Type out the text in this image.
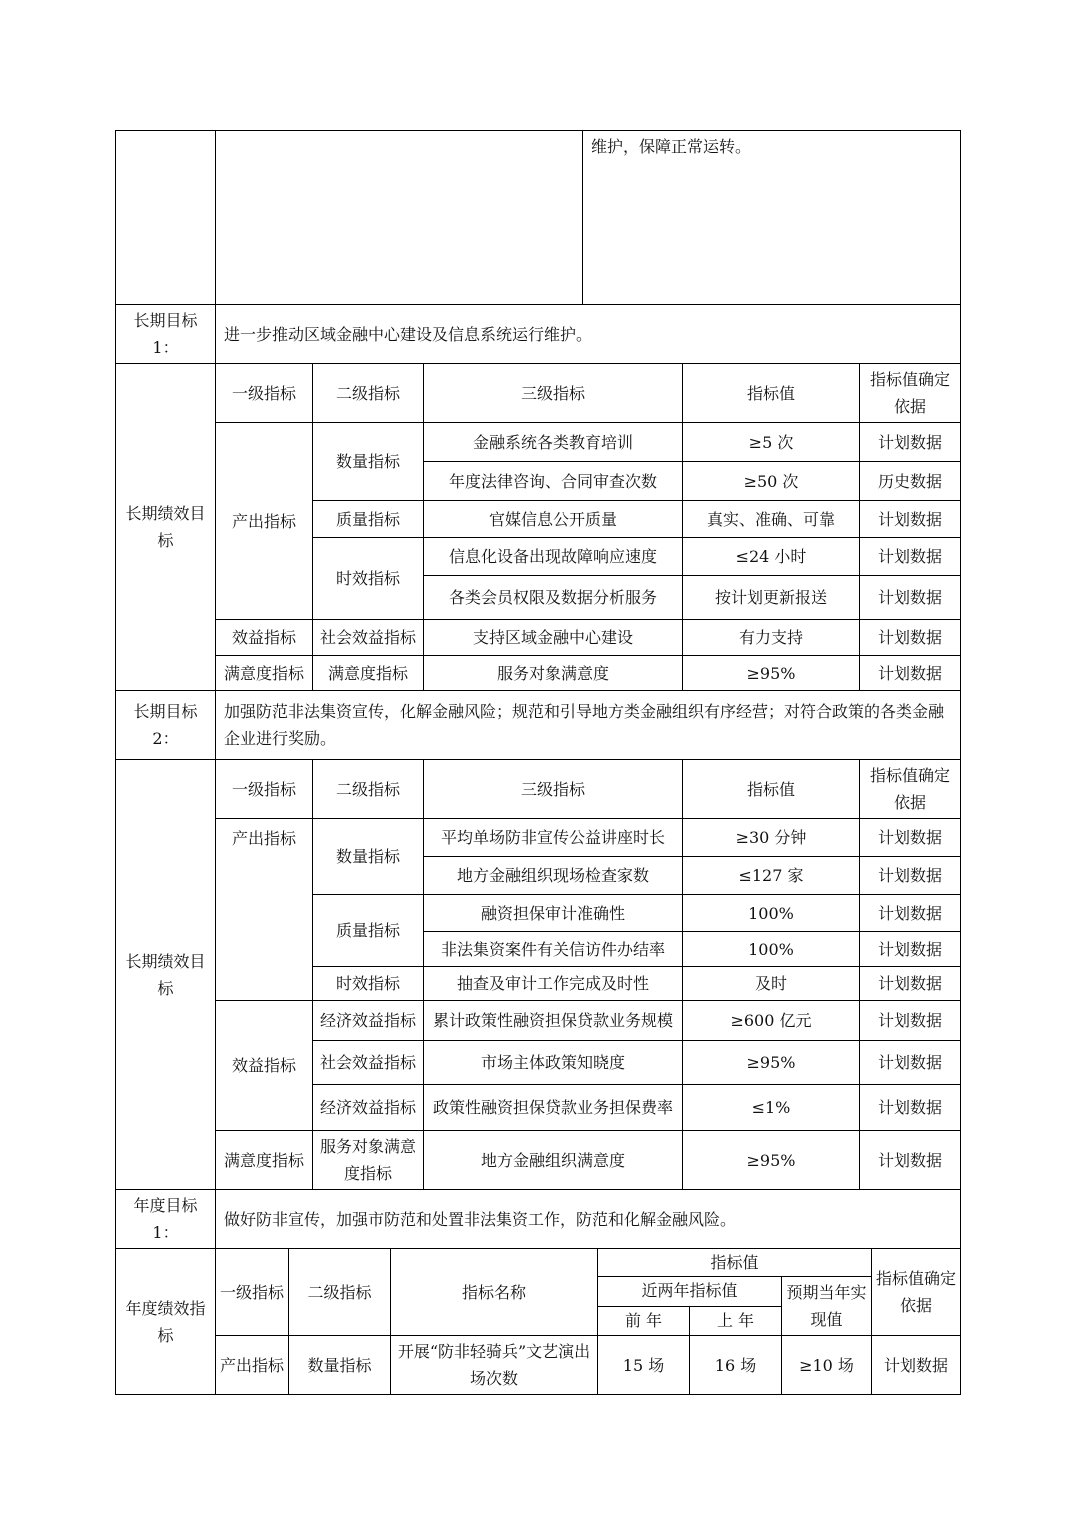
		维护，保障正常运转。
长期目标 1：	进一步推动区域金融中心建设及信息系统运行维护。				
长期绩效目标	一级指标	二级指标	三级指标	指标值	指标值确定依据
	产出指标	数量指标	金融系统各类教育培训	≥5 次	计划数据
			年度法律咨询、合同审查次数	≥50 次	历史数据
		质量指标	官媒信息公开质量	真实、准确、可靠	计划数据
		时效指标	信息化设备出现故障响应速度	≤24 小时	计划数据
			各类会员权限及数据分析服务	按计划更新报送	计划数据
	效益指标	社会效益指标	支持区域金融中心建设	有力支持	计划数据
	满意度指标	满意度指标	服务对象满意度	≥95%	计划数据
长期目标 2：	加强防范非法集资宣传，化解金融风险；规范和引导地方类金融组织有序经营；对符合政策的各类金融企业进行奖励。				
长期绩效目标	一级指标	二级指标	三级指标	指标值	指标值确定依据
	产出指标	数量指标	平均单场防非宣传公益讲座时长	≥30 分钟	计划数据
			地方金融组织现场检查家数	≤127 家	计划数据
		质量指标	融资担保审计准确性	100%	计划数据
			非法集资案件有关信访件办结率	100%	计划数据
		时效指标	抽查及审计工作完成及时性	及时	计划数据
	效益指标	经济效益指标	累计政策性融资担保贷款业务规模	≥600 亿元	计划数据
		社会效益指标	市场主体政策知晓度	≥95%	计划数据
		经济效益指标	政策性融资担保贷款业务担保费率	≤1%	计划数据
	满意度指标	服务对象满意度指标	地方金融组织满意度	≥95%	计划数据
年度目标 1：	做好防非宣传，加强市防范和处置非法集资工作，防范和化解金融风险。						
年度绩效指标	一级指标	二级指标	指标名称	指标值			指标值确定依据
				近两年指标值		预期当年实现值	
				前 年	上 年		
	产出指标	数量指标	开展“防非轻骑兵”文艺演出场次数	15 场	16 场	≥10 场	计划数据
